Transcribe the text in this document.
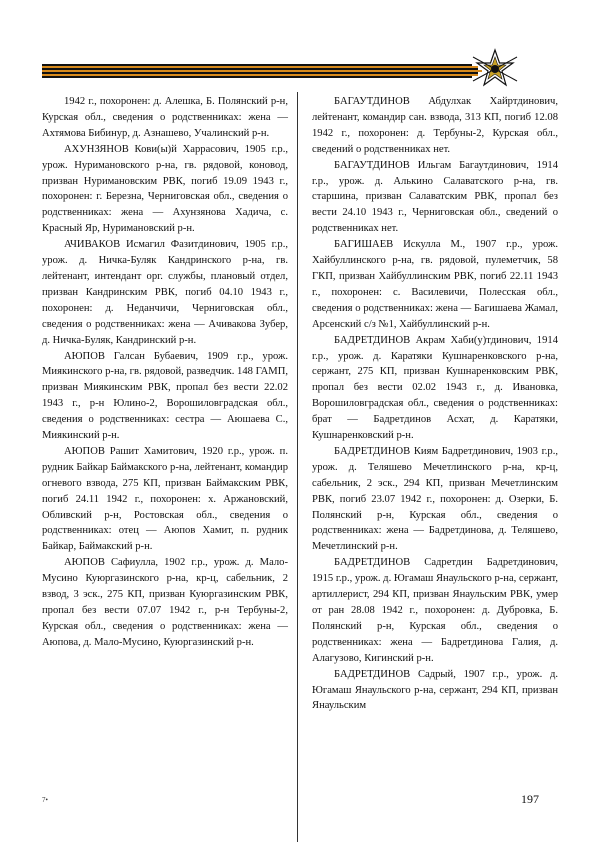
1942 г., похоронен: д. Алешка, Б. Полянский р-н, Курская обл., сведения о родственниках: жена — Ахтямова Бибинур, д. Азнашево, Учалинский р-н.

АХУНЗЯНОВ Кови(ы)й Харрасович, 1905 г.р., урож. Нуримановского р-на, гв. рядовой, коновод, призван Нуримановским РВК, погиб 19.09 1943 г., похоронен: г. Березна, Черниговская обл., сведения о родственниках: жена — Ахунзянова Хадича, с. Красный Яр, Нуримановский р-н.

АЧИВАКОВ Исмагил Фазитдинович, 1905 г.р., урож. д. Ничка-Буляк Кандринского р-на, гв. лейтенант, интендант орг. службы, плановый отдел, призван Кандринским РВК, погиб 04.10 1943 г., похоронен: д. Неданчичи, Черниговская обл., сведения о родственниках: жена — Ачивакова Зубер, д. Ничка-Буляк, Кандринский р-н.

АЮПОВ Галсан Бубаевич, 1909 г.р., урож. Миякинского р-на, гв. рядовой, разведчик. 148 ГАМП, призван Миякинским РВК, пропал без вести 22.02 1943 г., р-н Юлино-2, Ворошиловградская обл., сведения о родственниках: сестра — Аюшаева С., Миякинский р-н.

АЮПОВ Рашит Хамитович, 1920 г.р., урож. п. рудник Байкар Баймакского р-на, лейтенант, командир огневого взвода, 275 КП, призван Баймакским РВК, погиб 24.11 1942 г., похоронен: х. Аржановский, Обливский р-н, Ростовская обл., сведения о родственниках: отец — Аюпов Хамит, п. рудник Байкар, Баймакский р-н.

АЮПОВ Сафиулла, 1902 г.р., урож. д. Мало-Мусино Куюргазинского р-на, кр-ц, сабельник, 2 взвод, 3 эск., 275 КП, призван Куюргазинским РВК, пропал без вести 07.07 1942 г., р-н Тербуны-2, Курская обл., сведения о родственниках: жена — Аюпова, д. Мало-Мусино, Куюргазинский р-н.

БАГАУТДИНОВ Абдулхак Хайртдинович, лейтенант, командир сан. взвода, 313 КП, погиб 12.08 1942 г., похоронен: д. Тербуны-2, Курская обл., сведений о родственниках нет.

БАГАУТДИНОВ Ильгам Багаутдинович, 1914 г.р., урож. д. Алькино Салаватского р-на, гв. старшина, призван Салаватским РВК, пропал без вести 24.10 1943 г., Черниговская обл., сведений о родственниках нет.

БАГИШАЕВ Искулла М., 1907 г.р., урож. Хайбуллинского р-на, гв. рядовой, пулеметчик, 58 ГКП, призван Хайбуллинским РВК, погиб 22.11 1943 г., похоронен: с. Василевичи, Полесская обл., сведения о родственниках: жена — Багишаева Жамал, Арсенский с/з №1, Хайбуллинский р-н.

БАДРЕТДИНОВ Акрам Хаби(у)тдинович, 1914 г.р., урож. д. Каратяки Кушнаренковского р-на, сержант, 275 КП, призван Кушнаренковским РВК, пропал без вести 02.02 1943 г., д. Ивановка, Ворошиловградская обл., сведения о родственниках: брат — Бадретдинов Асхат, д. Каратяки, Кушнаренковский р-н.

БАДРЕТДИНОВ Киям Бадретдинович, 1903 г.р., урож. д. Теляшево Мечетлинского р-на, кр-ц, сабельник, 2 эск., 294 КП, призван Мечетлинским РВК, погиб 23.07 1942 г., похоронен: д. Озерки, Б. Полянский р-н, Курская обл., сведения о родственниках: жена — Бадретдинова, д. Теляшево, Мечетлинский р-н.

БАДРЕТДИНОВ Садретдин Бадретдинович, 1915 г.р., урож. д. Югамаш Янаульского р-на, сержант, артиллерист, 294 КП, призван Янаульским РВК, умер от ран 28.08 1942 г., похоронен: д. Дубровка, Б. Полянский р-н, Курская обл., сведения о родственниках: жена — Бадретдинова Галия, д. Алагузово, Кигинский р-н.

БАДРЕТДИНОВ Садрый, 1907 г.р., урож. д. Югамаш Янаульского р-на, сержант, 294 КП, призван Янаульским

7•	197
